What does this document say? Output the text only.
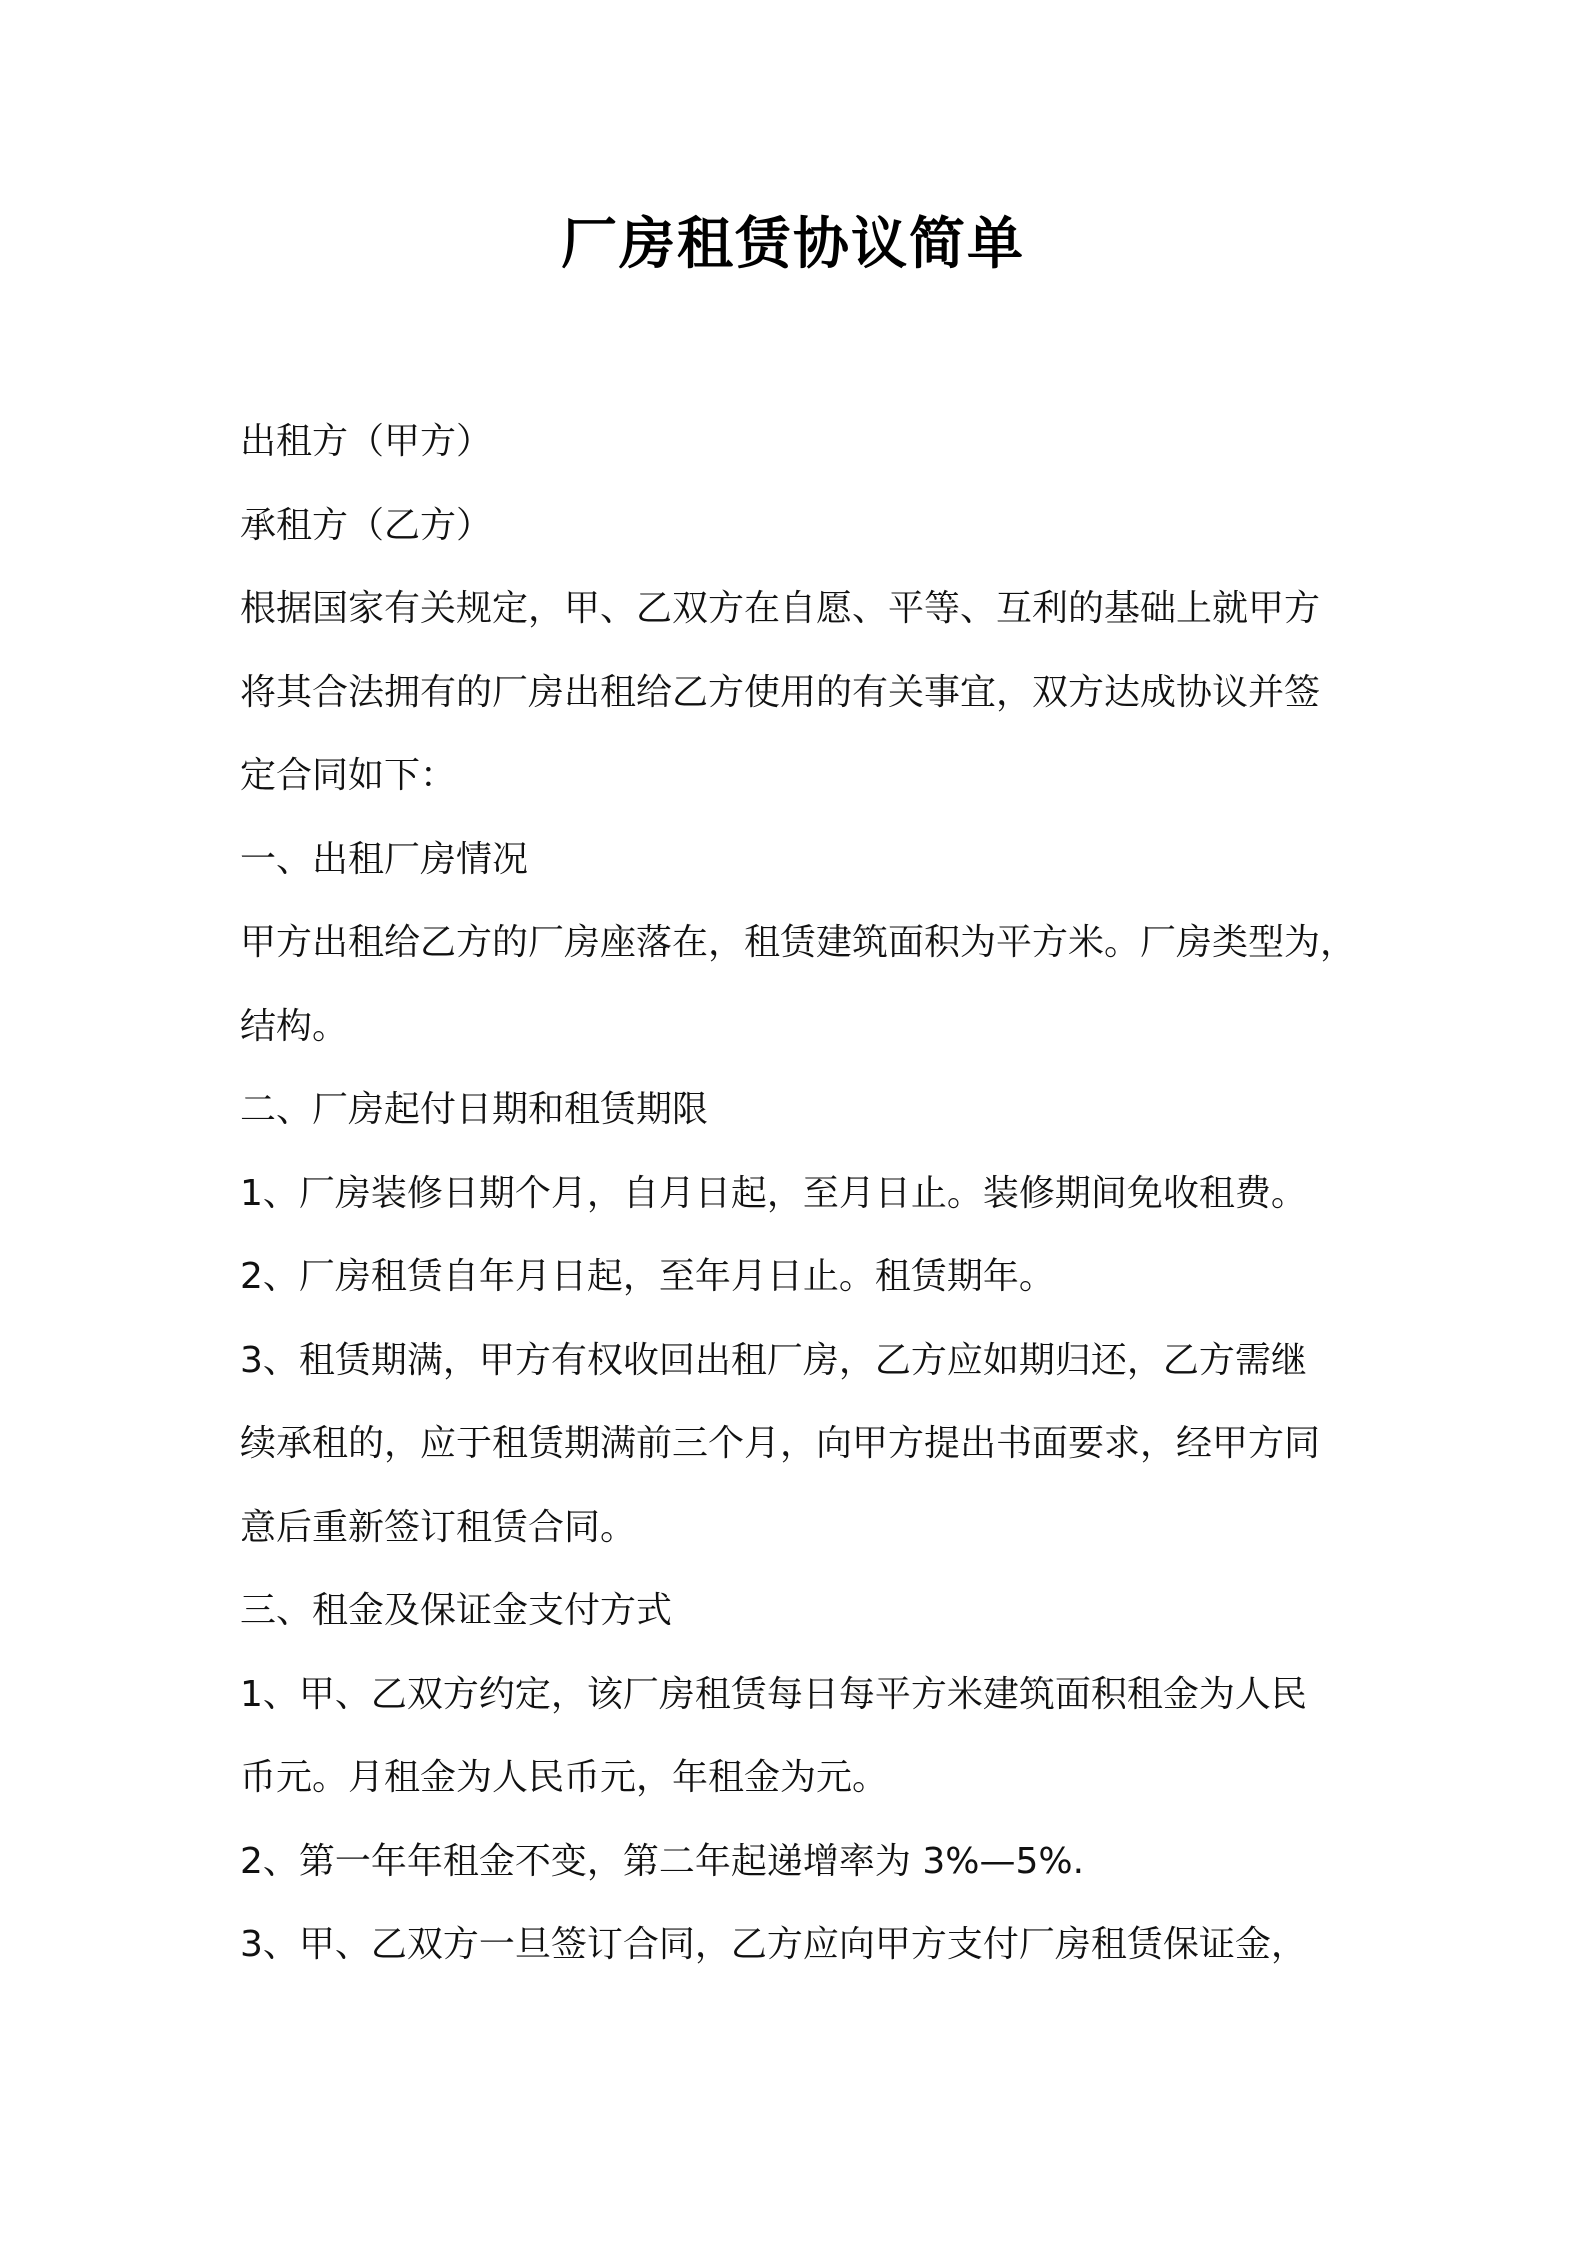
厂房租赁协议简单

出租方（甲方）

承租方（乙方）

根据国家有关规定，甲、乙双方在自愿、平等、互利的基础上就甲方

将其合法拥有的厂房出租给乙方使用的有关事宜，双方达成协议并签

定合同如下：

一、出租厂房情况

甲方出租给乙方的厂房座落在，租赁建筑面积为平方米。厂房类型为，

结构。

二、厂房起付日期和租赁期限

1、厂房装修日期个月，自月日起，至月日止。装修期间免收租费。

2、厂房租赁自年月日起，至年月日止。租赁期年。

3、租赁期满，甲方有权收回出租厂房，乙方应如期归还，乙方需继

续承租的，应于租赁期满前三个月，向甲方提出书面要求，经甲方同

意后重新签订租赁合同。

三、租金及保证金支付方式

1、甲、乙双方约定，该厂房租赁每日每平方米建筑面积租金为人民

币元。月租金为人民币元，年租金为元。

2、第一年年租金不变，第二年起递增率为 3%—5%.

3、甲、乙双方一旦签订合同，乙方应向甲方支付厂房租赁保证金，
